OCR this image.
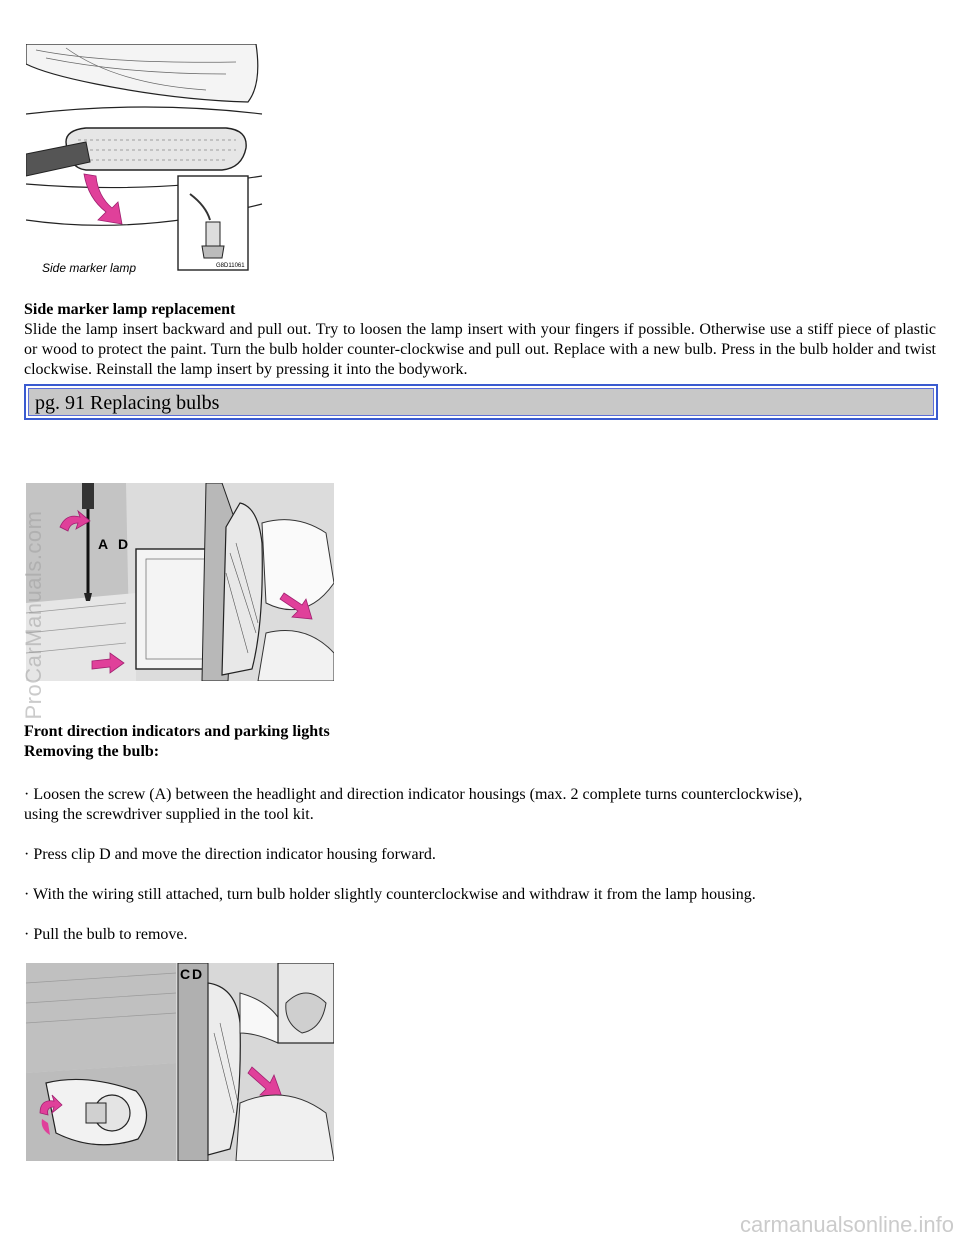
G8D11061
Side marker lamp
Side marker lamp replacement
Slide the lamp insert backward and pull out. Try to loosen the lamp insert with your fingers if possible. Otherwise use a stiff piece of plastic or wood to protect the paint. Turn the bulb holder counter-clockwise and pull out. Replace with a new bulb. Press in the bulb holder and twist clockwise. Reinstall the lamp insert by pressing it into the bodywork.
pg. 91 Replacing bulbs
A D
Front direction indicators and parking lights
Removing the bulb:
· Loosen the screw (A) between the headlight and direction indicator housings (max. 2 complete turns counterclockwise), using the screwdriver supplied in the tool kit.
· Press clip D and move the direction indicator housing forward.
· With the wiring still attached, turn bulb holder slightly counterclockwise and withdraw it from the lamp housing.
· Pull the bulb to remove.
C D
ProCarManuals.com
carmanualsonline.info
